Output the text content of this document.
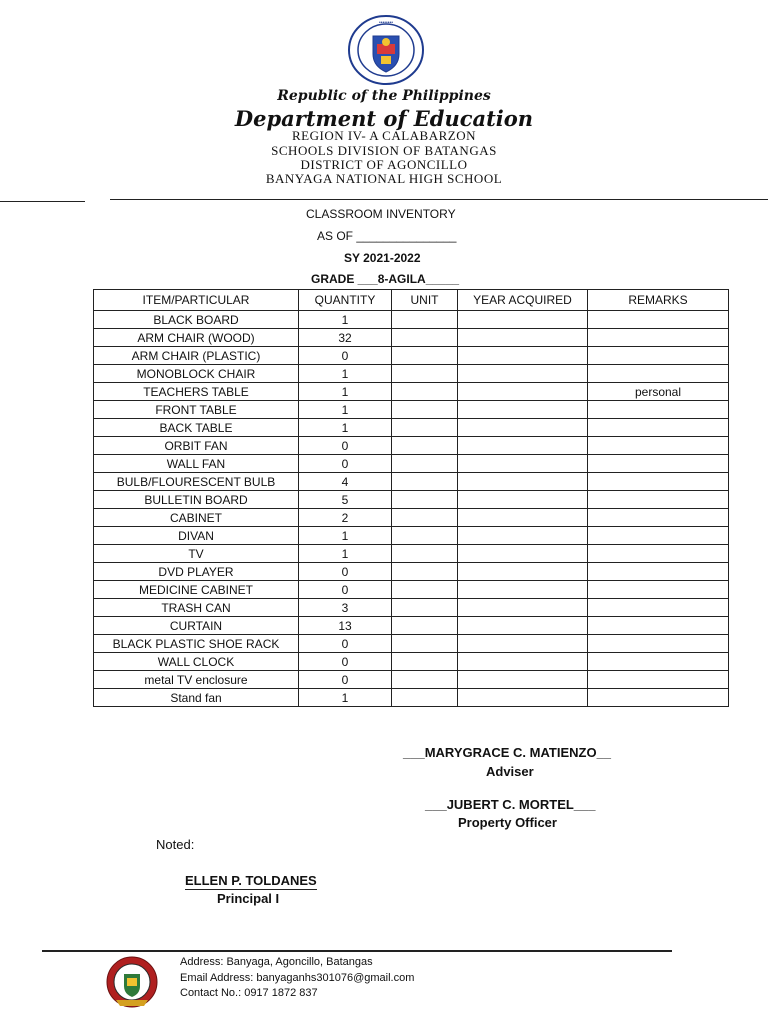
••••••••
Republic of the Philippines
Department of Education
REGION IV- A CALABARZON
SCHOOLS DIVISION OF BATANGAS
DISTRICT OF AGONCILLO
BANYAGA NATIONAL HIGH SCHOOL
CLASSROOM INVENTORY
AS OF _______________
SY 2021-2022
GRADE ___8-AGILA_____
ITEM/PARTICULAR	QUANTITY	UNIT	YEAR ACQUIRED	REMARKS
BLACK BOARD	1			
ARM CHAIR (WOOD)	32			
ARM CHAIR (PLASTIC)	0			
MONOBLOCK CHAIR	1			
TEACHERS TABLE	1			personal
FRONT TABLE	1			
BACK TABLE	1			
ORBIT FAN	0			
WALL FAN	0			
BULB/FLOURESCENT BULB	4			
BULLETIN BOARD	5			
CABINET	2			
DIVAN	1			
TV	1			
DVD PLAYER	0			
MEDICINE CABINET	0			
TRASH CAN	3			
CURTAIN	13			
BLACK PLASTIC SHOE RACK	0			
WALL CLOCK	0			
metal TV enclosure	0			
Stand fan	1			
___MARYGRACE C. MATIENZO__
Adviser
___JUBERT C. MORTEL___
Property Officer
Noted:
ELLEN P. TOLDANES
Principal I
Address: Banyaga, Agoncillo, Batangas
Email Address: banyaganhs301076@gmail.com
Contact No.: 0917 1872 837
